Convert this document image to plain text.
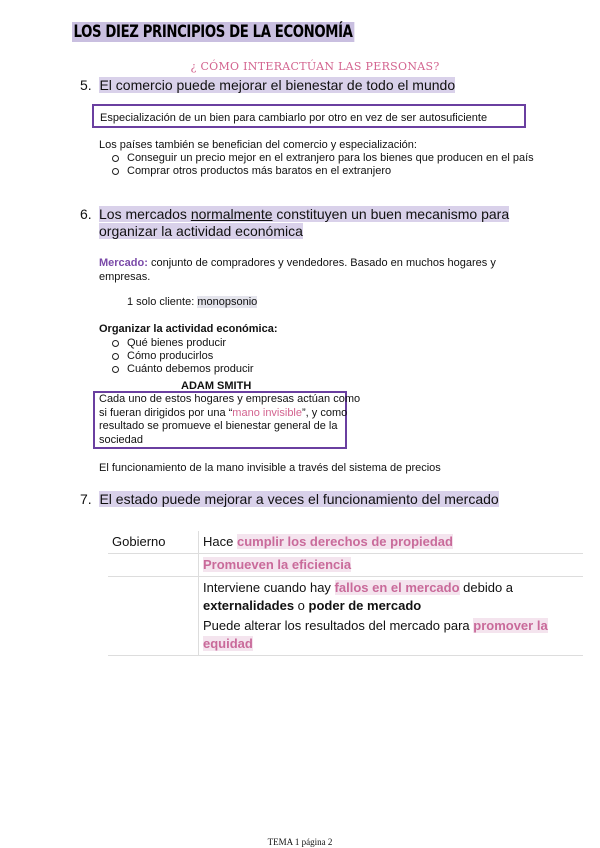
LOS DIEZ PRINCIPIOS DE LA ECONOMÍA
¿ CÓMO INTERACTÚAN LAS PERSONAS?
5. El comercio puede mejorar el bienestar de todo el mundo
Especialización de un bien para cambiarlo por otro en vez de ser autosuficiente
Los países también se benefician del comercio y especialización:
Conseguir un precio mejor en el extranjero para los bienes que producen en el país
Comprar otros productos más baratos en el extranjero
6. Los mercados normalmente constituyen un buen mecanismo para
organizar la actividad económica
Mercado: conjunto de compradores y vendedores. Basado en muchos hogares y empresas.
1 solo cliente: monopsonio
Organizar la actividad económica:
Qué bienes producir
Cómo producirlos
Cuánto debemos producir
ADAM SMITH
Cada uno de estos hogares y empresas actúan como si fueran dirigidos por una “mano invisible”, y como resultado se promueve el bienestar general de la sociedad
El funcionamiento de la mano invisible a través del sistema de precios
7. El estado puede mejorar a veces el funcionamiento del mercado
Gobierno	Hace cumplir los derechos de propiedad
	Promueven la eficiencia

	Interviene cuando hay fallos en el mercado debido a externalidades o poder de mercado
Puede alterar los resultados del mercado para promover la equidad
TEMA 1 página 2
